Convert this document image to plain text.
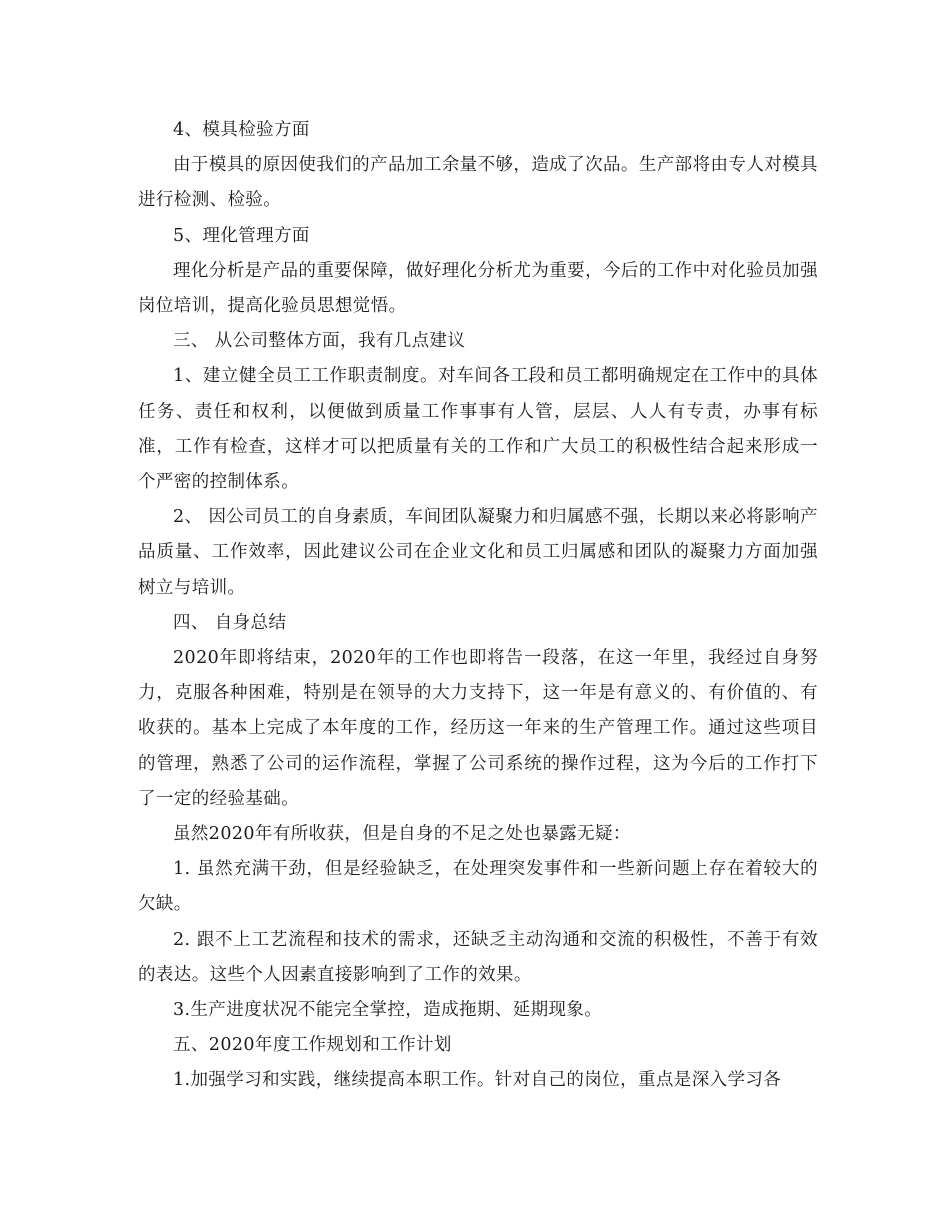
4、模具检验方面

由于模具的原因使我们的产品加工余量不够，造成了次品。生产部将由专人对模具进行检测、检验。

5、理化管理方面

理化分析是产品的重要保障，做好理化分析尤为重要，今后的工作中对化验员加强岗位培训，提高化验员思想觉悟。

三、 从公司整体方面，我有几点建议

1、建立健全员工工作职责制度。对车间各工段和员工都明确规定在工作中的具体任务、责任和权利，以便做到质量工作事事有人管，层层、人人有专责，办事有标准，工作有检查，这样才可以把质量有关的工作和广大员工的积极性结合起来形成一个严密的控制体系。

2、 因公司员工的自身素质，车间团队凝聚力和归属感不强，长期以来必将影响产品质量、工作效率，因此建议公司在企业文化和员工归属感和团队的凝聚力方面加强树立与培训。

四、 自身总结

2020年即将结束，2020年的工作也即将告一段落，在这一年里，我经过自身努力，克服各种困难，特别是在领导的大力支持下，这一年是有意义的、有价值的、有收获的。基本上完成了本年度的工作，经历这一年来的生产管理工作。通过这些项目的管理，熟悉了公司的运作流程，掌握了公司系统的操作过程，这为今后的工作打下了一定的经验基础。

虽然2020年有所收获，但是自身的不足之处也暴露无疑：

1. 虽然充满干劲，但是经验缺乏，在处理突发事件和一些新问题上存在着较大的欠缺。

2. 跟不上工艺流程和技术的需求，还缺乏主动沟通和交流的积极性，不善于有效的表达。这些个人因素直接影响到了工作的效果。

3.生产进度状况不能完全掌控，造成拖期、延期现象。

五、2020年度工作规划和工作计划

1.加强学习和实践，继续提高本职工作。针对自己的岗位，重点是深入学习各
